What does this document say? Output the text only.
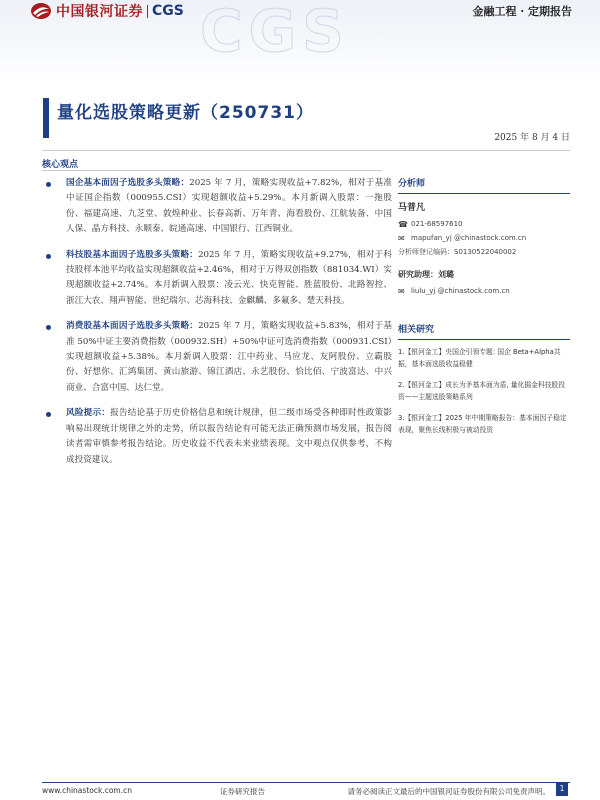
CGS
中国银河证券 CGS	金融工程 · 定期报告
量化选股策略更新（250731）
2025 年 8 月 4 日
核心观点
国企基本面因子选股多头策略：2025 年 7 月，策略实现收益+7.82%，相对于基准中证国企指数（000955.CSI）实现超额收益+5.29%。本月新调入股票：一拖股份、福建高速、九芝堂、敦煌种业、长春高新、万年青、海看股份、江航装备、中国人保、晶方科技、永顺泰、皖通高速、中国银行、江西铜业。
科技股基本面因子选股多头策略：2025 年 7 月，策略实现收益+9.27%，相对于科技股样本池平均收益实现超额收益+2.46%，相对于万得双创指数（881034.WI）实现超额收益+2.74%。本月新调入股票：凌云光、快克智能、胜蓝股份、北路智控、浙江大农、翔声智能、世纪瑞尔、芯海科技、金麒麟、多氟多、楚天科技。
消费股基本面因子选股多头策略：2025 年 7 月，策略实现收益+5.83%，相对于基准 50%中证主要消费指数（000932.SH）+50%中证可选消费指数（000931.CSI）实现超额收益+5.38%。本月新调入股票：江中药业、马应龙、友阿股份、立霸股份、好想你、汇鸿集团、黄山旅游、锦江酒店、永艺股份、恰比佰、宁波富达、中兴商业、合富中国、达仁堂。
风险提示：报告结论基于历史价格信息和统计规律，但二级市场受各种即时性政策影响易出现统计规律之外的走势，所以报告结论有可能无法正确预测市场发展，报告阅读者需审慎参考报告结论。历史收益不代表未来业绩表现。文中观点仅供参考，不构成投资建议。
分析师
马普凡
☎ 021-68597610
✉ mapufan_yj @chinastock.com.cn
分析师登记编码：S0130522040002
研究助理：刘璐
✉ liulu_yj @chinastock.com.cn
相关研究
1.【银河金工】央国企引领专题: 国企 Beta+Alpha共振，基本面选股收益稳健
2.【银河金工】成长为矛基本面为盾, 量化掘金科技股投资——主题选股策略系列
3.【银河金工】2025 年中期策略报告：基本面因子稳定表现，聚焦长线积极与被动投资
www.chinastock.com.cn	证券研究报告	请务必阅读正文最后的中国银河证券股份有限公司免责声明。	1
